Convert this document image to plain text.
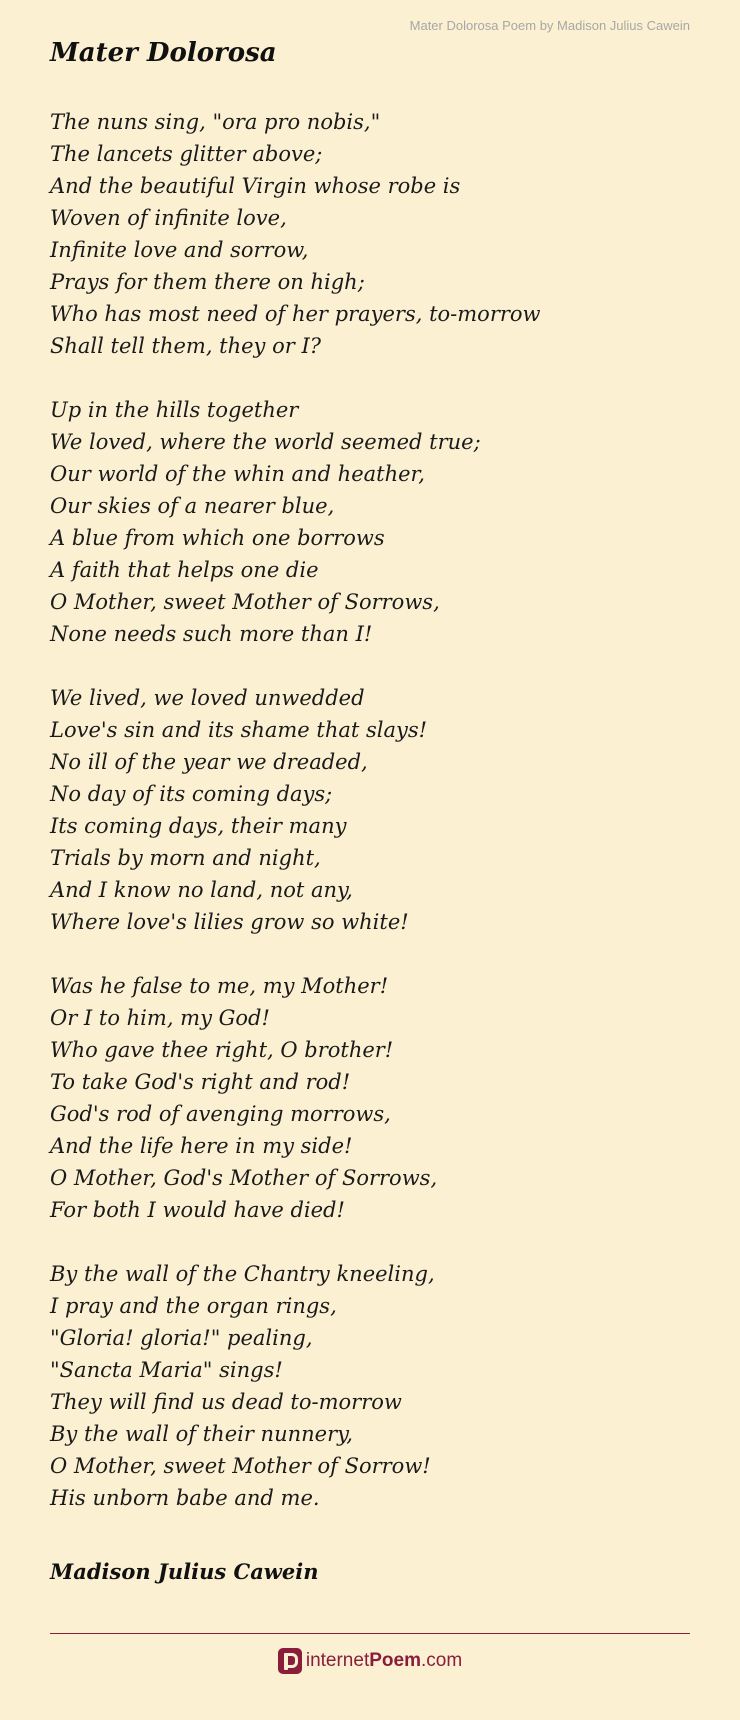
Mater Dolorosa Poem by Madison Julius Cawein
Mater Dolorosa
The nuns sing, "ora pro nobis,"
The lancets glitter above;
And the beautiful Virgin whose robe is
Woven of infinite love,
Infinite love and sorrow,
Prays for them there on high;
Who has most need of her prayers, to-morrow
Shall tell them, they or I?
Up in the hills together
We loved, where the world seemed true;
Our world of the whin and heather,
Our skies of a nearer blue,
A blue from which one borrows
A faith that helps one die
O Mother, sweet Mother of Sorrows,
None needs such more than I!
We lived, we loved unwedded
Love's sin and its shame that slays!
No ill of the year we dreaded,
No day of its coming days;
Its coming days, their many
Trials by morn and night,
And I know no land, not any,
Where love's lilies grow so white!
Was he false to me, my Mother!
Or I to him, my God!
Who gave thee right, O brother!
To take God's right and rod!
God's rod of avenging morrows,
And the life here in my side!
O Mother, God's Mother of Sorrows,
For both I would have died!
By the wall of the Chantry kneeling,
I pray and the organ rings,
"Gloria! gloria!" pealing,
"Sancta Maria" sings!
They will find us dead to-morrow
By the wall of their nunnery,
O Mother, sweet Mother of Sorrow!
His unborn babe and me.
Madison Julius Cawein
internetPoem.com
